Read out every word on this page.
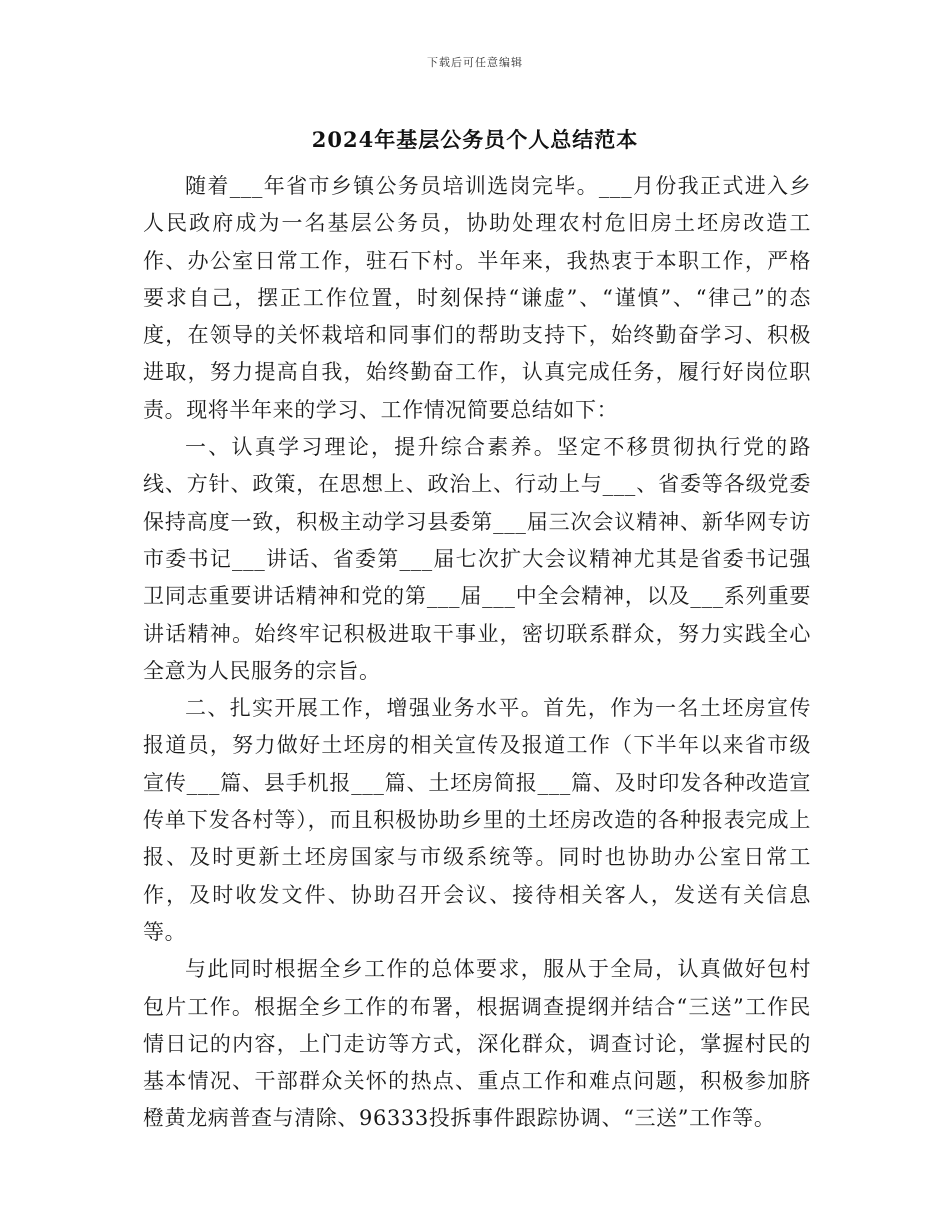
下载后可任意编辑
2024年基层公务员个人总结范本

随着___年省市乡镇公务员培训选岗完毕。___月份我正式进入乡人民政府成为一名基层公务员，协助处理农村危旧房土坯房改造工作、办公室日常工作，驻石下村。半年来，我热衷于本职工作，严格要求自己，摆正工作位置，时刻保持“谦虚”、“谨慎”、“律己”的态度，在领导的关怀栽培和同事们的帮助支持下，始终勤奋学习、积极进取，努力提高自我，始终勤奋工作，认真完成任务，履行好岗位职责。现将半年来的学习、工作情况简要总结如下：

一、认真学习理论，提升综合素养。坚定不移贯彻执行党的路线、方针、政策，在思想上、政治上、行动上与___、省委等各级党委保持高度一致，积极主动学习县委第___届三次会议精神、新华网专访市委书记___讲话、省委第___届七次扩大会议精神尤其是省委书记强卫同志重要讲话精神和党的第___届___中全会精神，以及___系列重要讲话精神。始终牢记积极进取干事业，密切联系群众，努力实践全心全意为人民服务的宗旨。

二、扎实开展工作，增强业务水平。首先，作为一名土坯房宣传报道员，努力做好土坯房的相关宣传及报道工作（下半年以来省市级宣传___篇、县手机报___篇、土坯房简报___篇、及时印发各种改造宣传单下发各村等），而且积极协助乡里的土坯房改造的各种报表完成上报、及时更新土坯房国家与市级系统等。同时也协助办公室日常工作，及时收发文件、协助召开会议、接待相关客人，发送有关信息等。

与此同时根据全乡工作的总体要求，服从于全局，认真做好包村包片工作。根据全乡工作的布署，根据调查提纲并结合“三送”工作民情日记的内容，上门走访等方式，深化群众，调查讨论，掌握村民的基本情况、干部群众关怀的热点、重点工作和难点问题，积极参加脐橙黄龙病普查与清除、96333投拆事件跟踪协调、“三送”工作等。
